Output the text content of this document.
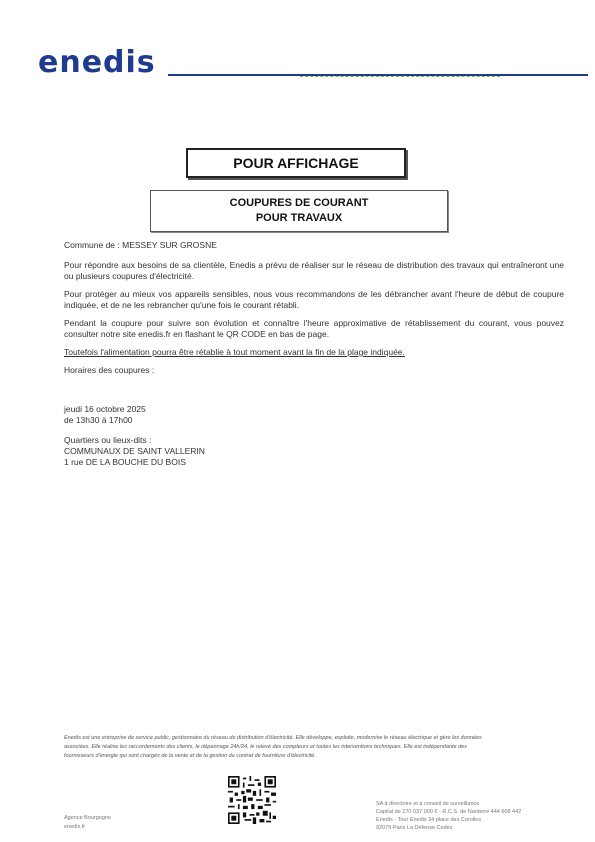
enedis
POUR AFFICHAGE
COUPURES DE COURANT
POUR TRAVAUX

Commune de : MESSEY SUR GROSNE

Pour répondre aux besoins de sa clientèle, Enedis a prévu de réaliser sur le réseau de distribution des travaux qui entraîneront une ou plusieurs coupures d'électricité.

Pour protéger au mieux vos appareils sensibles, nous vous recommandons de les débrancher avant l'heure de début de coupure indiquée, et de ne les rebrancher qu'une fois le courant rétabli.

Pendant la coupure pour suivre son évolution et connaître l'heure approximative de rétablissement du courant, vous pouvez consulter notre site enedis.fr en flashant le QR CODE en bas de page.

Toutefois l'alimentation pourra être rétablie à tout moment avant la fin de la plage indiquée.

Horaires des coupures :

jeudi 16 octobre 2025

de 13h30 à 17h00

Quartiers ou lieux-dits :

COMMUNAUX DE SAINT VALLERIN

1 rue DE LA BOUCHE DU BOIS

Enedis est une entreprise de service public, gestionnaire du réseau de distribution d'électricité. Elle développe, exploite, modernise le réseau électrique et gère les données
associées. Elle réalise les raccordements des clients, le dépannage 24h/24, le relevé des compteurs et toutes les interventions techniques. Elle est indépendante des
fournisseurs d'énergie qui sont chargés de la vente et de la gestion du contrat de fourniture d'électricité.
Agence Bourgogne
enedis.fr
SA à directoire et à conseil de surveillance
Capital de 270 037 000 € - R.C.S. de Nanterre 444 608 442
Enedis - Tour Enedis 34 place des Corolles
92079 Paris La Défense Cedex
